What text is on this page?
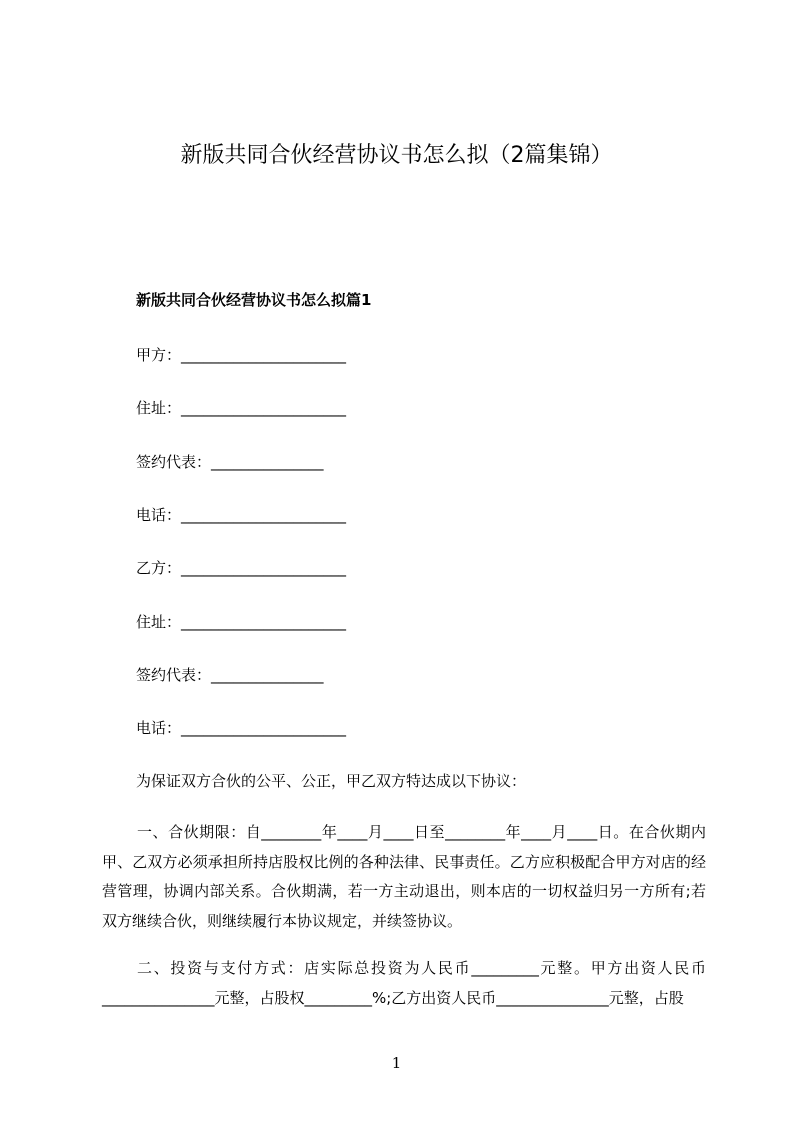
新版共同合伙经营协议书怎么拟（2篇集锦）
新版共同合伙经营协议书怎么拟篇1
甲方：______________________
住址：______________________
签约代表：_______________
电话：______________________
乙方：______________________
住址：______________________
签约代表：_______________
电话：______________________

为保证双方合伙的公平、公正，甲乙双方特达成以下协议：

一、合伙期限：自________年____月____日至________年____月____日。在合伙期内甲、乙双方必须承担所持店股权比例的各种法律、民事责任。乙方应积极配合甲方对店的经营管理，协调内部关系。合伙期满，若一方主动退出，则本店的一切权益归另一方所有;若双方继续合伙，则继续履行本协议规定，并续签协议。

二、投资与支付方式：店实际总投资为人民币_________元整。甲方出资人民币_______________元整，占股权_________%;乙方出资人民币_______________元整，占股

1
